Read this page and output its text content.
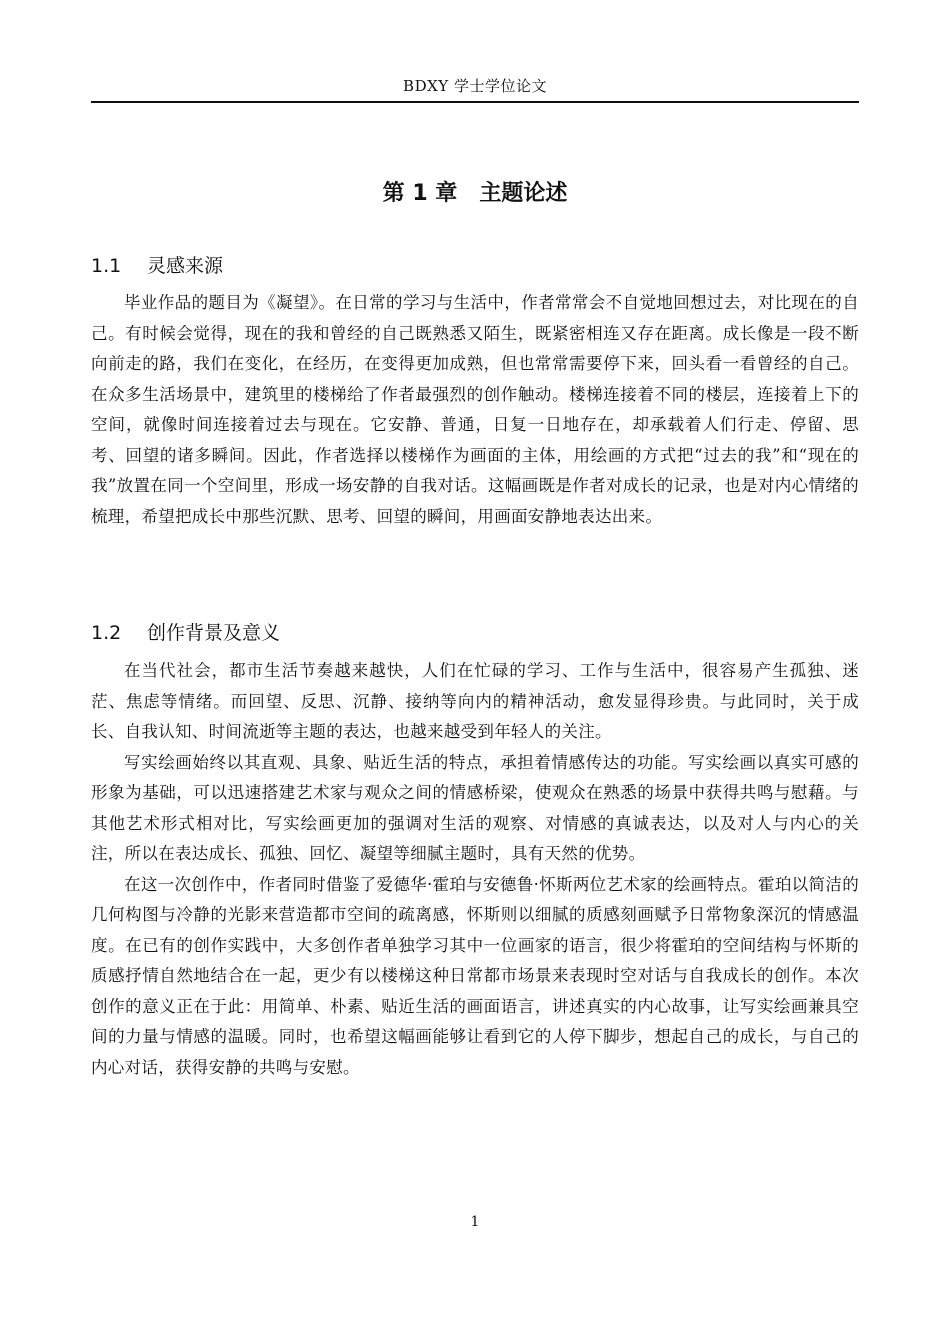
BDXY 学士学位论文
第 1 章 主题论述
1.1 灵感来源

毕业作品的题目为《凝望》。在日常的学习与生活中，作者常常会不自觉地回想过去，对比现在的自己。有时候会觉得，现在的我和曾经的自己既熟悉又陌生，既紧密相连又存在距离。成长像是一段不断向前走的路，我们在变化，在经历，在变得更加成熟，但也常常需要停下来，回头看一看曾经的自己。在众多生活场景中，建筑里的楼梯给了作者最强烈的创作触动。楼梯连接着不同的楼层，连接着上下的空间，就像时间连接着过去与现在。它安静、普通，日复一日地存在，却承载着人们行走、停留、思考、回望的诸多瞬间。因此，作者选择以楼梯作为画面的主体，用绘画的方式把“过去的我”和“现在的我”放置在同一个空间里，形成一场安静的自我对话。这幅画既是作者对成长的记录，也是对内心情绪的梳理，希望把成长中那些沉默、思考、回望的瞬间，用画面安静地表达出来。

1.2 创作背景及意义

在当代社会，都市生活节奏越来越快，人们在忙碌的学习、工作与生活中，很容易产生孤独、迷茫、焦虑等情绪。而回望、反思、沉静、接纳等向内的精神活动，愈发显得珍贵。与此同时，关于成长、自我认知、时间流逝等主题的表达，也越来越受到年轻人的关注。

写实绘画始终以其直观、具象、贴近生活的特点，承担着情感传达的功能。写实绘画以真实可感的形象为基础，可以迅速搭建艺术家与观众之间的情感桥梁，使观众在熟悉的场景中获得共鸣与慰藉。与其他艺术形式相对比，写实绘画更加的强调对生活的观察、对情感的真诚表达，以及对人与内心的关注，所以在表达成长、孤独、回忆、凝望等细腻主题时，具有天然的优势。

在这一次创作中，作者同时借鉴了爱德华·霍珀与安德鲁·怀斯两位艺术家的绘画特点。霍珀以简洁的几何构图与冷静的光影来营造都市空间的疏离感，怀斯则以细腻的质感刻画赋予日常物象深沉的情感温度。在已有的创作实践中，大多创作者单独学习其中一位画家的语言，很少将霍珀的空间结构与怀斯的质感抒情自然地结合在一起，更少有以楼梯这种日常都市场景来表现时空对话与自我成长的创作。本次创作的意义正在于此：用简单、朴素、贴近生活的画面语言，讲述真实的内心故事，让写实绘画兼具空间的力量与情感的温暖。同时，也希望这幅画能够让看到它的人停下脚步，想起自己的成长，与自己的内心对话，获得安静的共鸣与安慰。

1
